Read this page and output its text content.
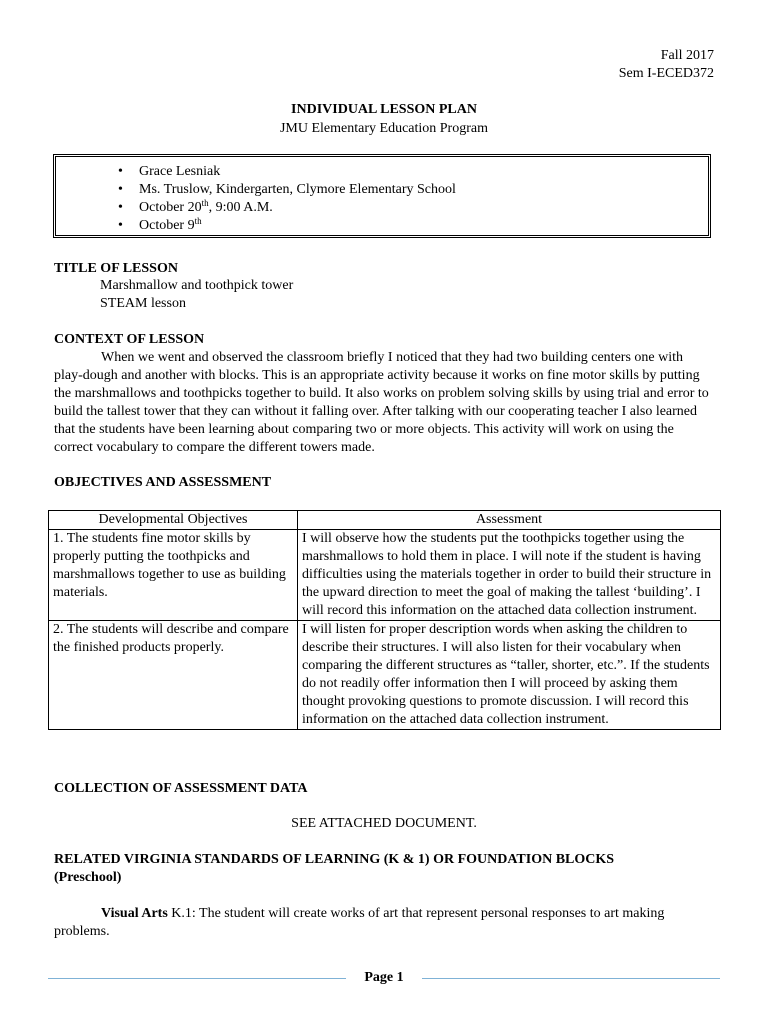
Fall 2017
Sem I-ECED372
INDIVIDUAL LESSON PLAN
JMU Elementary Education Program
• Grace Lesniak
• Ms. Truslow, Kindergarten, Clymore Elementary School
• October 20th, 9:00 A.M.
• October 9th
TITLE OF LESSON
Marshmallow and toothpick tower
STEAM lesson
CONTEXT OF LESSON
When we went and observed the classroom briefly I noticed that they had two building centers one with play-dough and another with blocks. This is an appropriate activity because it works on fine motor skills by putting the marshmallows and toothpicks together to build. It also works on problem solving skills by using trial and error to build the tallest tower that they can without it falling over. After talking with our cooperating teacher I also learned that the students have been learning about comparing two or more objects. This activity will work on using the correct vocabulary to compare the different towers made.
OBJECTIVES AND ASSESSMENT
Developmental Objectives	Assessment
1. The students fine motor skills by properly putting the toothpicks and marshmallows together to use as building materials.	I will observe how the students put the toothpicks together using the marshmallows to hold them in place. I will note if the student is having difficulties using the materials together in order to build their structure in the upward direction to meet the goal of making the tallest ‘building’. I will record this information on the attached data collection instrument.
2. The students will describe and compare the finished products properly.	I will listen for proper description words when asking the children to describe their structures. I will also listen for their vocabulary when comparing the different structures as “taller, shorter, etc.”. If the students do not readily offer information then I will proceed by asking them thought provoking questions to promote discussion. I will record this information on the attached data collection instrument.
COLLECTION OF ASSESSMENT DATA
SEE ATTACHED DOCUMENT.
RELATED VIRGINIA STANDARDS OF LEARNING (K & 1) OR FOUNDATION BLOCKS
(Preschool)
Visual Arts K.1: The student will create works of art that represent personal responses to art making problems.
Page 1
